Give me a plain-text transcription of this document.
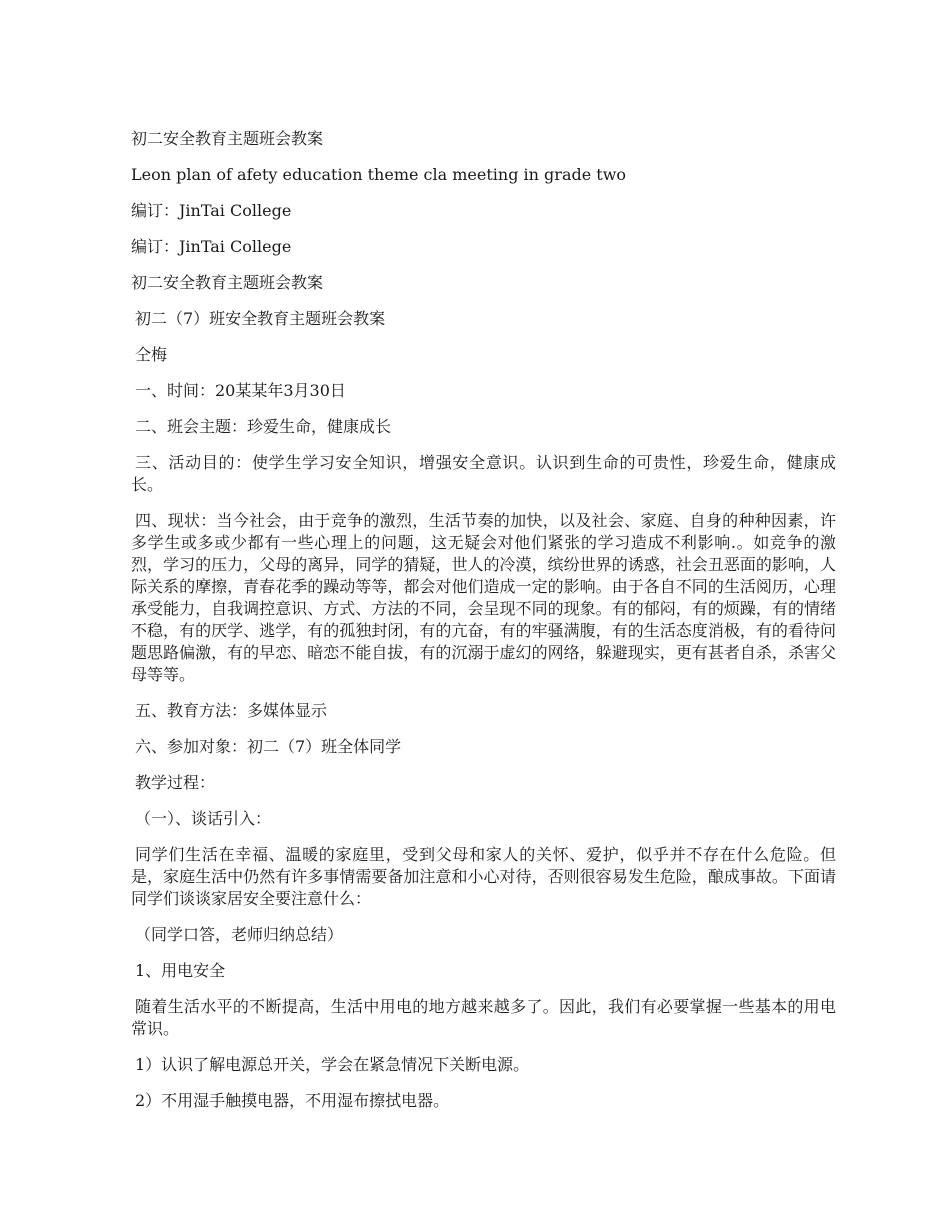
初二安全教育主题班会教案
Leon plan of afety education theme cla meeting in grade two
编订：JinTai College
编订：JinTai College
初二安全教育主题班会教案
初二（7）班安全教育主题班会教案
仝梅
一、时间：20某某年3月30日
二、班会主题：珍爱生命，健康成长
三、活动目的：使学生学习安全知识，增强安全意识。认识到生命的可贵性，珍爱生命，健康成长。
四、现状：当今社会，由于竞争的激烈，生活节奏的加快，以及社会、家庭、自身的种种因素，许多学生或多或少都有一些心理上的问题，这无疑会对他们紧张的学习造成不利影响.。如竞争的激烈，学习的压力，父母的离异，同学的猜疑，世人的冷漠，缤纷世界的诱惑，社会丑恶面的影响，人际关系的摩擦，青春花季的躁动等等，都会对他们造成一定的影响。由于各自不同的生活阅历，心理承受能力，自我调控意识、方式、方法的不同，会呈现不同的现象。有的郁闷，有的烦躁，有的情绪不稳，有的厌学、逃学，有的孤独封闭，有的亢奋，有的牢骚满腹，有的生活态度消极，有的看待问题思路偏激，有的早恋、暗恋不能自拔，有的沉溺于虚幻的网络，躲避现实，更有甚者自杀，杀害父母等等。
五、教育方法：多媒体显示
六、参加对象：初二（7）班全体同学
教学过程：
（一）、谈话引入：
同学们生活在幸福、温暖的家庭里，受到父母和家人的关怀、爱护，似乎并不存在什么危险。但是，家庭生活中仍然有许多事情需要备加注意和小心对待，否则很容易发生危险，酿成事故。下面请同学们谈谈家居安全要注意什么：
（同学口答，老师归纳总结）
1、用电安全
随着生活水平的不断提高，生活中用电的地方越来越多了。因此，我们有必要掌握一些基本的用电常识。
1）认识了解电源总开关，学会在紧急情况下关断电源。
2）不用湿手触摸电器，不用湿布擦拭电器。
